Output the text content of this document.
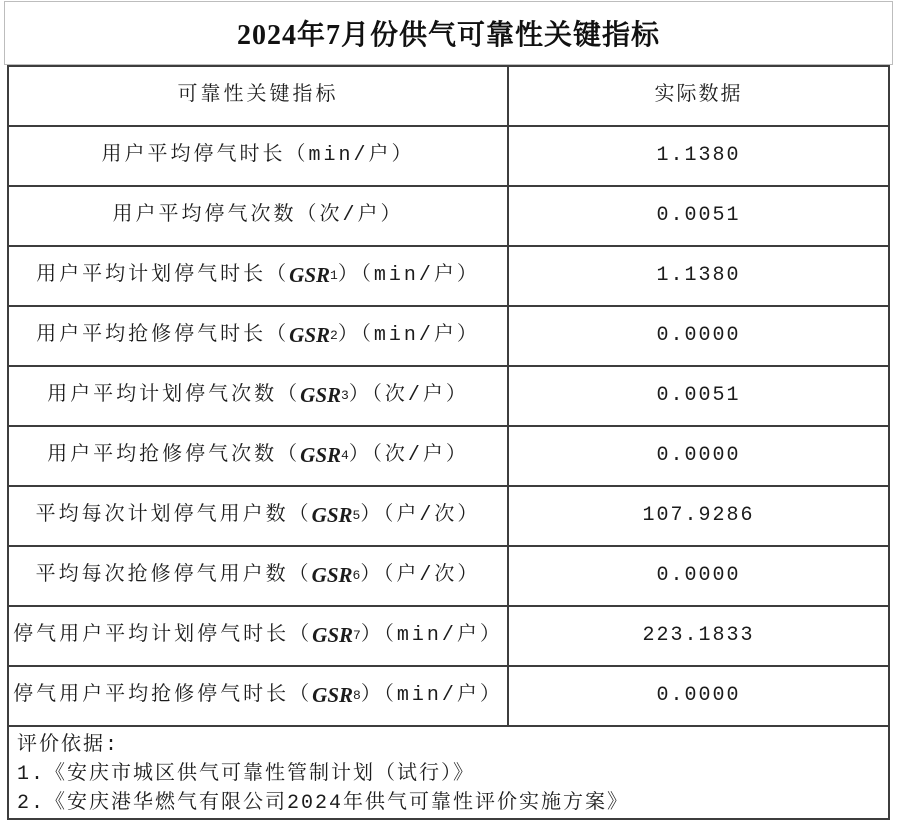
2024年7月份供气可靠性关键指标
可靠性关键指标	实际数据
用户平均停气时长（min/户）	1.1380
用户平均停气次数（次/户）	0.0051
用户平均计划停气时长（ GSR 1 ）（min/户）	1.1380
用户平均抢修停气时长（ GSR 2 ）（min/户）	0.0000
用户平均计划停气次数（ GSR 3 ）（次/户）	0.0051
用户平均抢修停气次数（ GSR 4 ）（次/户）	0.0000
平均每次计划停气用户数（ GSR 5 ）（户/次）	107.9286
平均每次抢修停气用户数（ GSR 6 ）（户/次）	0.0000
停气用户平均计划停气时长（ GSR 7 ）（min/户）	223.1833
停气用户平均抢修停气时长（ GSR 8 ）（min/户）	0.0000
评价依据:
1.《安庆市城区供气可靠性管制计划（试行）》
2.《安庆港华燃气有限公司2024年供气可靠性评价实施方案》
